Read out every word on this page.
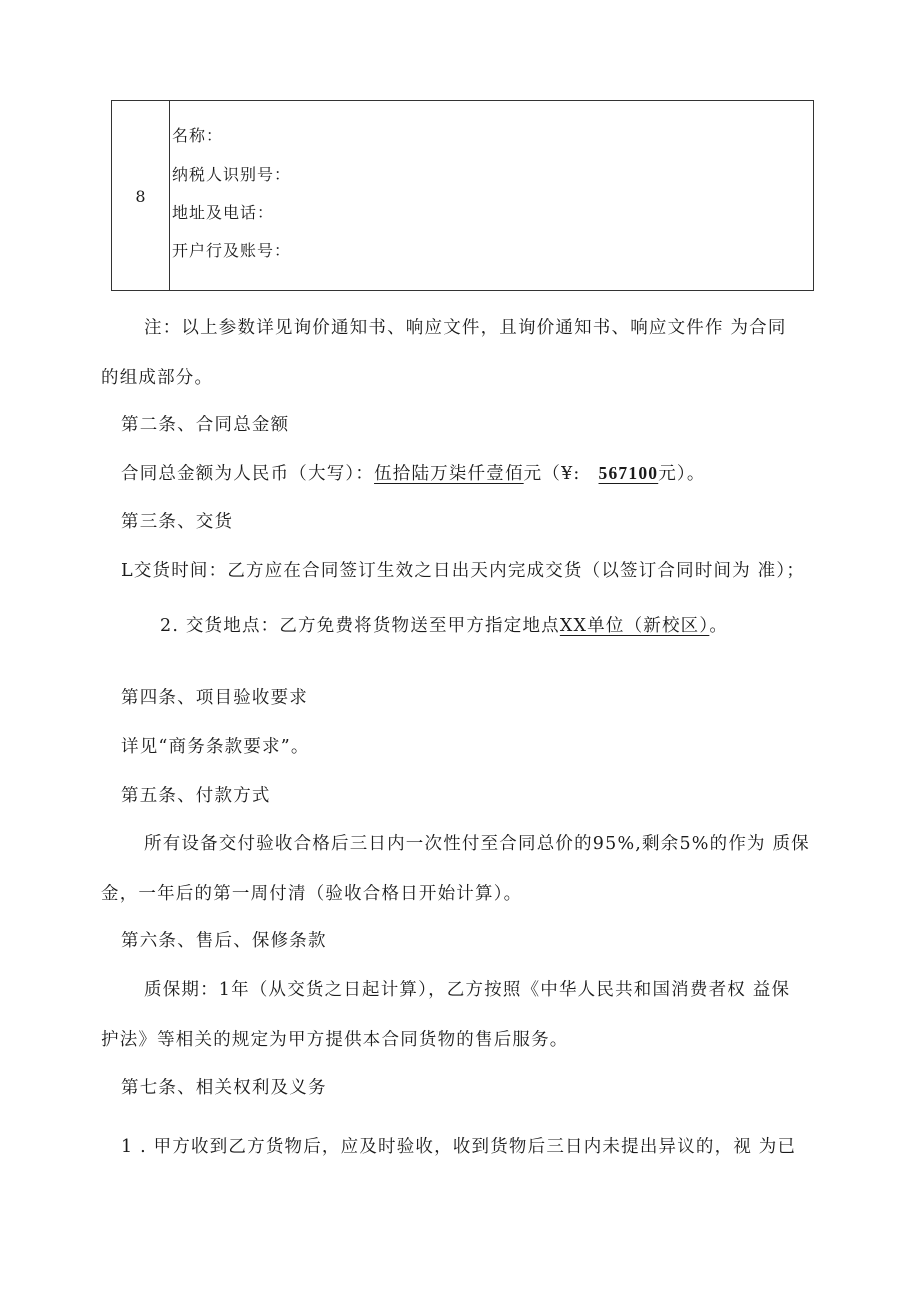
8
名称：
纳税人识别号：
地址及电话：
开户行及账号：
注：以上参数详见询价通知书、响应文件，且询价通知书、响应文件作 为合同
的组成部分。
第二条、合同总金额
合同总金额为人民币（大写）：伍拾陆万柒仟壹佰元（¥: 567100元）。
第三条、交货
L交货时间：乙方应在合同签订生效之日出天内完成交货（以签订合同时间为 准）；
2. 交货地点：乙方免费将货物送至甲方指定地点XX单位（新校区）。
第四条、项目验收要求
详见“商务条款要求”。
第五条、付款方式
所有设备交付验收合格后三日内一次性付至合同总价的95%,剩余5%的作为 质保
金，一年后的第一周付清（验收合格日开始计算）。
第六条、售后、保修条款
质保期：1年（从交货之日起计算），乙方按照《中华人民共和国消费者权 益保
护法》等相关的规定为甲方提供本合同货物的售后服务。
第七条、相关权利及义务
1 . 甲方收到乙方货物后，应及时验收，收到货物后三日内未提出异议的，视 为已
